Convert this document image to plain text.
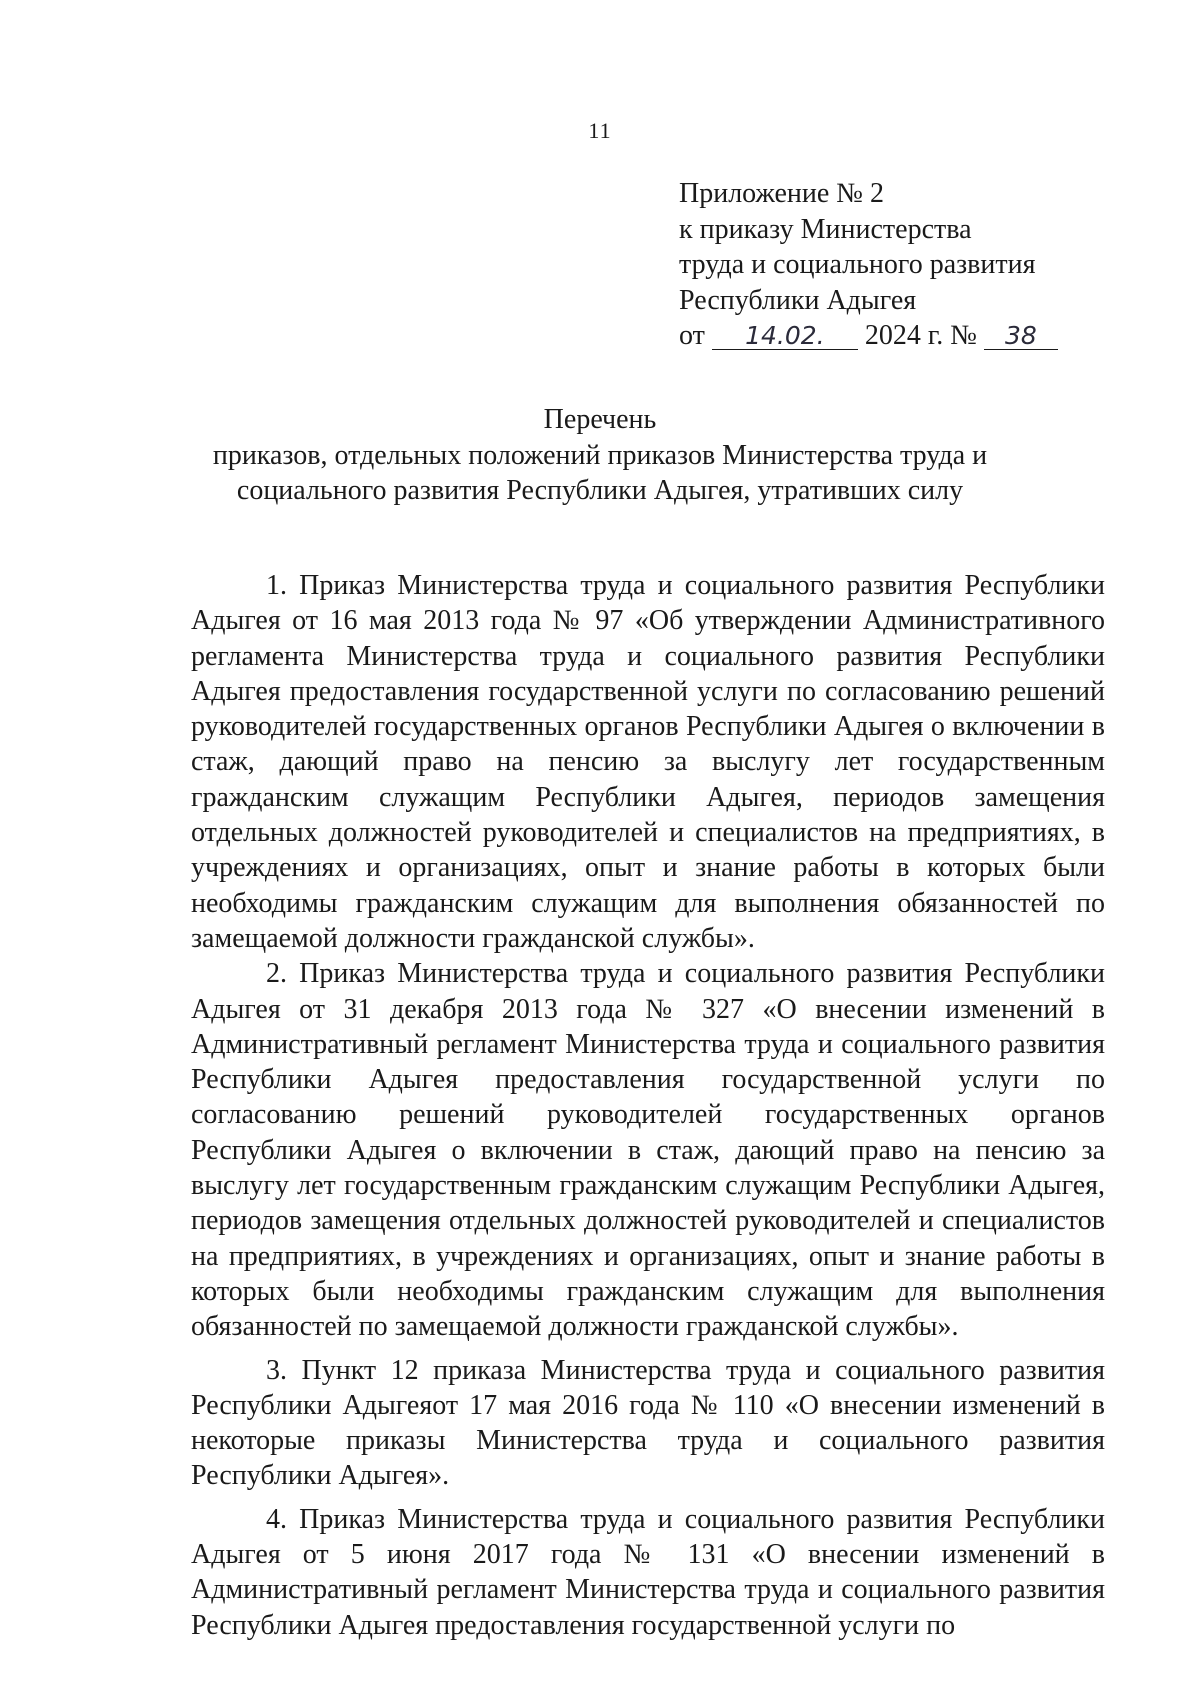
11
Приложение № 2
к приказу Министерства
труда и социального развития
Республики Адыгея
от 14.02. 2024 г. № 38
Перечень
приказов, отдельных положений приказов Министерства труда и
социального развития Республики Адыгея, утративших силу

1. Приказ Министерства труда и социального развития Республики Адыгея от 16 мая 2013 года № 97 «Об утверждении Административного регламента Министерства труда и социального развития Республики Адыгея предоставления государственной услуги по согласованию решений руководителей государственных органов Республики Адыгея о включении в стаж, дающий право на пенсию за выслугу лет государственным гражданским служащим Республики Адыгея, периодов замещения отдельных должностей руководителей и специалистов на предприятиях, в учреждениях и организациях, опыт и знание работы в которых были необходимы гражданским служащим для выполнения обязанностей по замещаемой должности гражданской службы».

2. Приказ Министерства труда и социального развития Республики Адыгея от 31 декабря 2013 года № 327 «О внесении изменений в Административный регламент Министерства труда и социального развития Республики Адыгея предоставления государственной услуги по согласованию решений руководителей государственных органов Республики Адыгея о включении в стаж, дающий право на пенсию за выслугу лет государственным гражданским служащим Республики Адыгея, периодов замещения отдельных должностей руководителей и специалистов на предприятиях, в учреждениях и организациях, опыт и знание работы в которых были необходимы гражданским служащим для выполнения обязанностей по замещаемой должности гражданской службы».

3. Пункт 12 приказа Министерства труда и социального развития Республики Адыгеяот 17 мая 2016 года № 110 «О внесении изменений в некоторые приказы Министерства труда и социального развития Республики Адыгея».

4. Приказ Министерства труда и социального развития Республики Адыгея от 5 июня 2017 года № 131 «О внесении изменений в Административный регламент Министерства труда и социального развития Республики Адыгея предоставления государственной услуги по
